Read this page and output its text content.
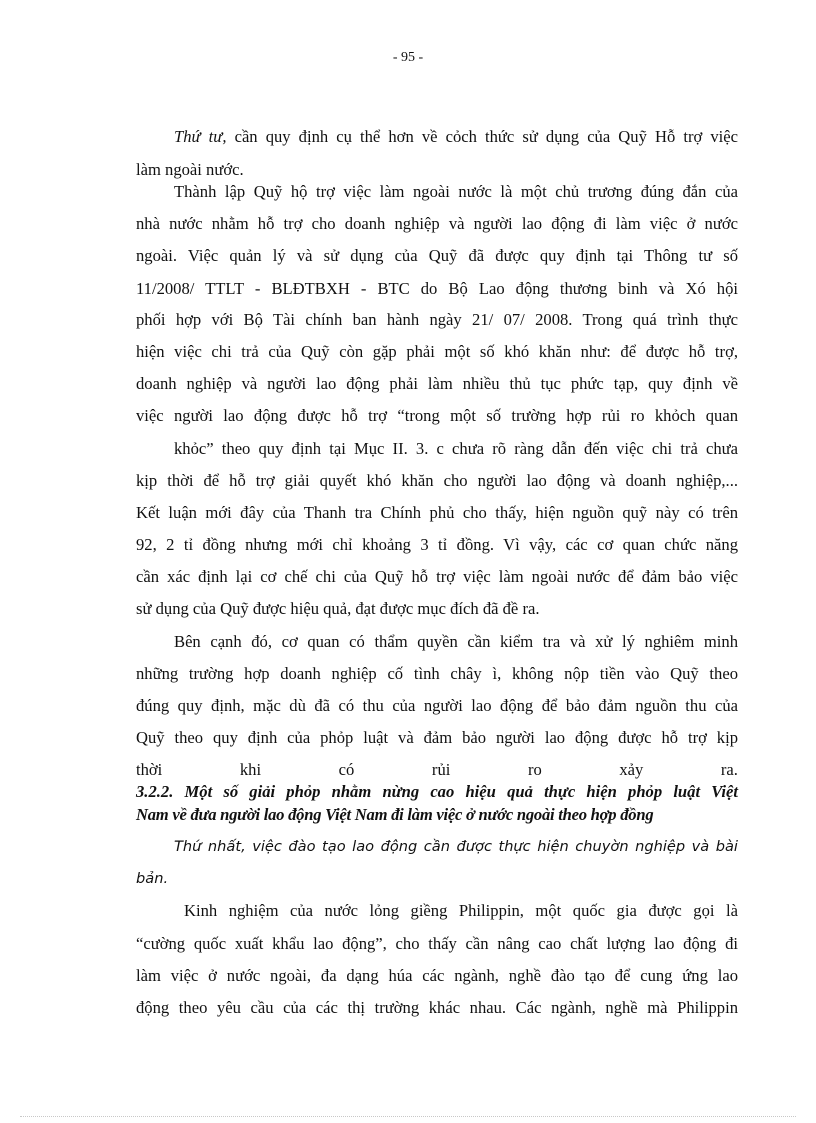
- 95 -
Thứ tư, cần quy định cụ thể hơn về cỏch thức sử dụng của Quỹ Hỗ trợ việc
làm ngoài nước.
Thành lập Quỹ hộ trợ việc làm ngoài nước là một chủ trương đúng đắn của
nhà nước nhằm hỗ trợ cho doanh nghiệp và người lao động đi làm việc ở nước
ngoài. Việc quản lý và sử dụng của Quỹ đã được quy định tại Thông tư số
11/2008/ TTLT - BLĐTBXH - BTC do Bộ Lao động thương binh và Xó hội
phối hợp với Bộ Tài chính ban hành ngày 21/ 07/ 2008. Trong quá trình thực
hiện việc chi trả của Quỹ còn gặp phải một số khó khăn như: để được hỗ trợ,
doanh nghiệp và người lao động phải làm nhiều thủ tục phức tạp, quy định về
việc người lao động được hỗ trợ “trong một số trường hợp rủi ro khỏch quan
khỏc” theo quy định tại Mục II. 3. c chưa rõ ràng dẫn đến việc chi trả chưa
kịp thời để hỗ trợ giải quyết khó khăn cho người lao động và doanh nghiệp,...
Kết luận mới đây của Thanh tra Chính phủ cho thấy, hiện nguồn quỹ này có trên
92, 2 tỉ đồng nhưng mới chỉ khoảng 3 tỉ đồng. Vì vậy, các cơ quan chức năng
cần xác định lại cơ chế chi của Quỹ hỗ trợ việc làm ngoài nước để đảm bảo việc
sử dụng của Quỹ được hiệu quả, đạt được mục đích đã đề ra.
Bên cạnh đó, cơ quan có thẩm quyền cần kiểm tra và xử lý nghiêm minh
những trường hợp doanh nghiệp cố tình chây ì, không nộp tiền vào Quỹ theo
đúng quy định, mặc dù đã có thu của người lao động để bảo đảm nguồn thu của
Quỹ theo quy định của phỏp luật và đảm bảo người lao động được hỗ trợ kịp
thời	khi	có	rủi	ro	xảy	ra.
3.2.2. Một số giải phỏp nhằm nừng cao hiệu quả thực hiện phỏp luật Việt
Nam về đưa người lao động Việt Nam đi làm việc ở nước ngoài theo hợp đồng
Thứ nhất, việc đào tạo lao động cần được thực hiện chuyờn nghiệp và bài
bản.
Kinh nghiệm của nước lỏng giềng Philippin, một quốc gia được gọi là
“cường quốc xuất khẩu lao động”, cho thấy cần nâng cao chất lượng lao động đi
làm việc ở nước ngoài, đa dạng húa các ngành, nghề đào tạo để cung ứng lao
động theo yêu cầu của các thị trường khác nhau. Các ngành, nghề mà Philippin
